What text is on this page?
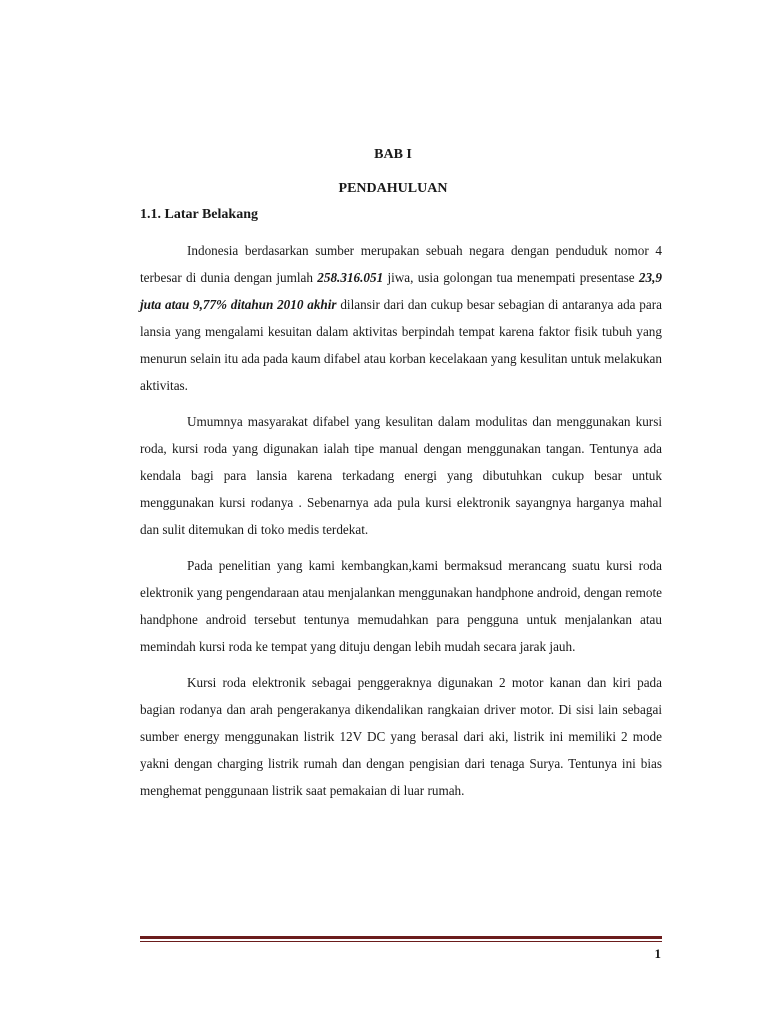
BAB I
PENDAHULUAN
1.1. Latar Belakang

Indonesia berdasarkan sumber merupakan sebuah negara dengan penduduk nomor 4 terbesar di dunia dengan jumlah 258.316.051 jiwa, usia golongan tua menempati presentase 23,9 juta atau 9,77% ditahun 2010 akhir dilansir dari dan cukup besar sebagian di antaranya ada para lansia yang mengalami kesuitan dalam aktivitas berpindah tempat karena faktor fisik tubuh yang menurun selain itu ada pada kaum difabel atau korban kecelakaan yang kesulitan untuk melakukan aktivitas.

Umumnya masyarakat difabel yang kesulitan dalam modulitas dan menggunakan kursi roda, kursi roda yang digunakan ialah tipe manual dengan menggunakan tangan. Tentunya ada kendala bagi para lansia karena terkadang energi yang dibutuhkan cukup besar untuk menggunakan kursi rodanya . Sebenarnya ada pula kursi elektronik sayangnya harganya mahal dan sulit ditemukan di toko medis terdekat.

Pada penelitian yang kami kembangkan,kami bermaksud merancang suatu kursi roda elektronik yang pengendaraan atau menjalankan menggunakan handphone android, dengan remote handphone android tersebut tentunya memudahkan para pengguna untuk menjalankan atau memindah kursi roda ke tempat yang dituju dengan lebih mudah secara jarak jauh.

Kursi roda elektronik sebagai penggeraknya digunakan 2 motor kanan dan kiri pada bagian rodanya dan arah pengerakanya dikendalikan rangkaian driver motor. Di sisi lain sebagai sumber energy menggunakan listrik 12V DC yang berasal dari aki, listrik ini memiliki 2 mode yakni dengan charging listrik rumah dan dengan pengisian dari tenaga Surya. Tentunya ini bias menghemat penggunaan listrik saat pemakaian di luar rumah.

1
